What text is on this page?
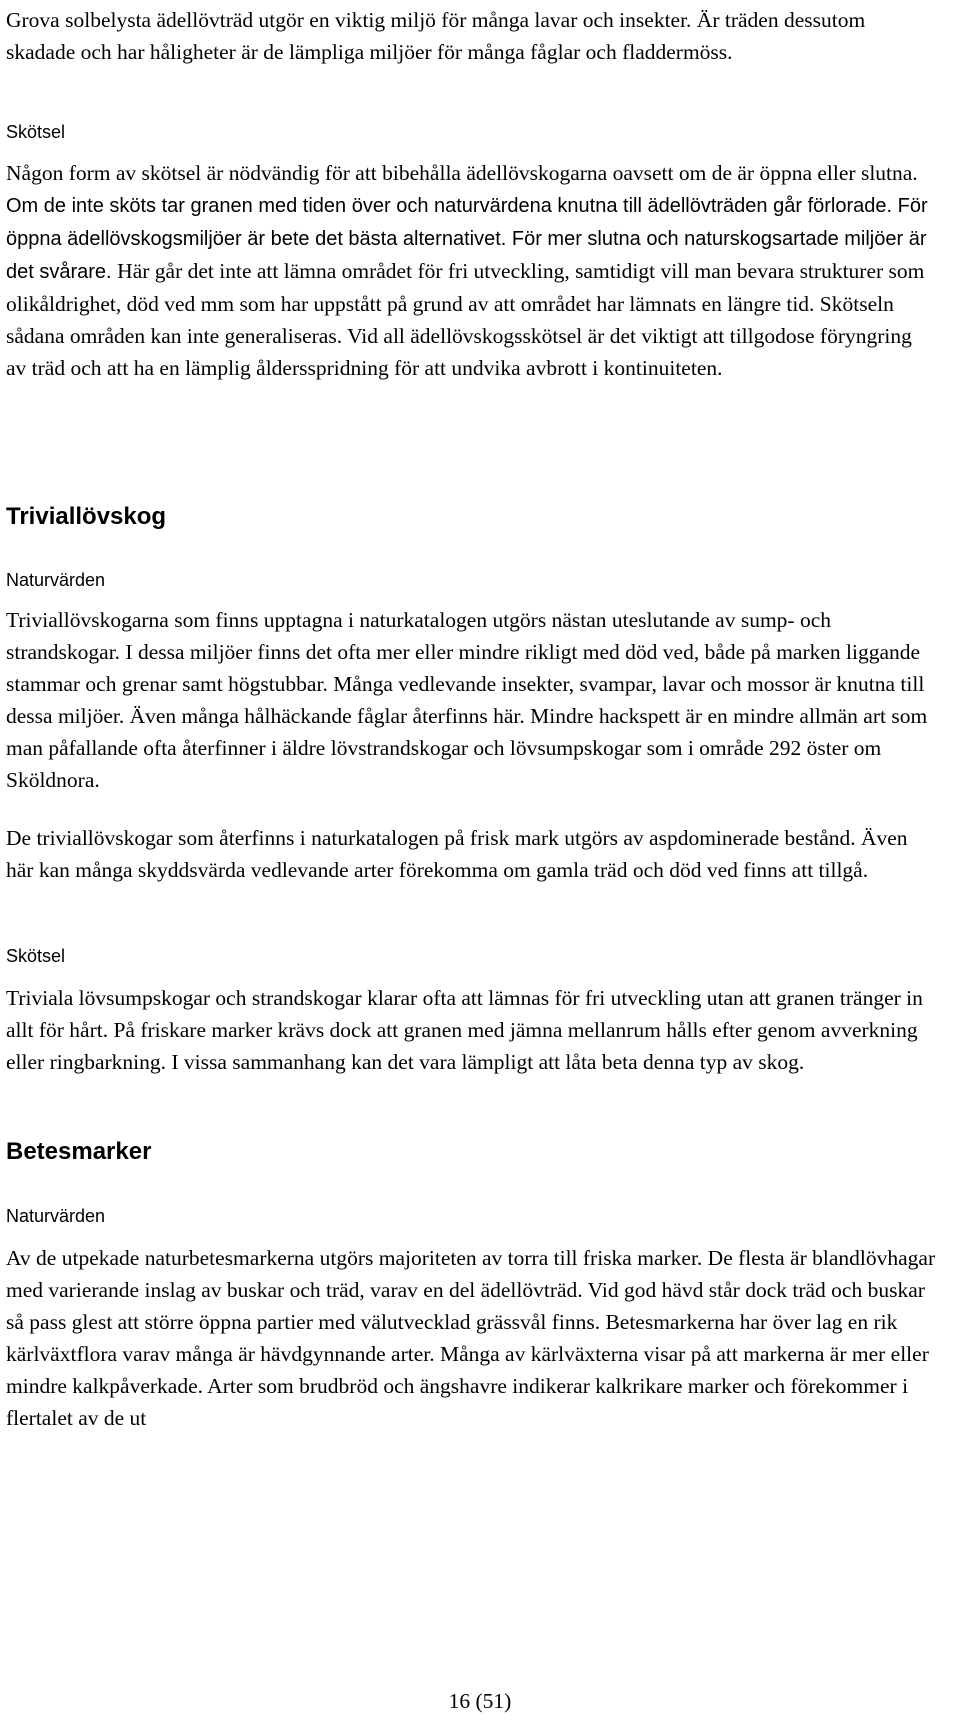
Grova solbelysta ädellövträd utgör en viktig miljö för många lavar och insekter. Är träden dessutom skadade och har håligheter är de lämpliga miljöer för många fåglar och fladdermöss.

Skötsel

Någon form av skötsel är nödvändig för att bibehålla ädellövskogarna oavsett om de är öppna eller slutna. Om de inte sköts tar granen med tiden över och naturvärdena knutna till ädellövträden går förlorade. För öppna ädellövskogsmiljöer är bete det bästa alternativet. För mer slutna och naturskogsartade miljöer är det svårare. Här går det inte att lämna området för fri utveckling, samtidigt vill man bevara strukturer som olikåldrighet, död ved mm som har uppstått på grund av att området har lämnats en längre tid. Skötseln sådana områden kan inte generaliseras. Vid all ädellövskogsskötsel är det viktigt att tillgodose föryngring av träd och att ha en lämplig åldersspridning för att undvika avbrott i kontinuiteten.

Triviallövskog
Naturvärden

Triviallövskogarna som finns upptagna i naturkatalogen utgörs nästan uteslutande av sump- och strandskogar. I dessa miljöer finns det ofta mer eller mindre rikligt med död ved, både på marken liggande stammar och grenar samt högstubbar. Många vedlevande insekter, svampar, lavar och mossor är knutna till dessa miljöer. Även många hålhäckande fåglar återfinns här. Mindre hackspett är en mindre allmän art som man påfallande ofta återfinner i äldre lövstrandskogar och lövsumpskogar som i område 292 öster om Sköldnora.

De triviallövskogar som återfinns i naturkatalogen på frisk mark utgörs av aspdominerade bestånd. Även här kan många skyddsvärda vedlevande arter förekomma om gamla träd och död ved finns att tillgå.

Skötsel

Triviala lövsumpskogar och strandskogar klarar ofta att lämnas för fri utveckling utan att granen tränger in allt för hårt. På friskare marker krävs dock att granen med jämna mellanrum hålls efter genom avverkning eller ringbarkning. I vissa sammanhang kan det vara lämpligt att låta beta denna typ av skog.

Betesmarker
Naturvärden

Av de utpekade naturbetesmarkerna utgörs majoriteten av torra till friska marker. De flesta är blandlövhagar med varierande inslag av buskar och träd, varav en del ädellövträd. Vid god hävd står dock träd och buskar så pass glest att större öppna partier med välutvecklad grässvål finns. Betesmarkerna har över lag en rik kärlväxtflora varav många är hävdgynnande arter. Många av kärlväxterna visar på att markerna är mer eller mindre kalkpåverkade. Arter som brudbröd och ängshavre indikerar kalkrikare marker och förekommer i flertalet av de ut

16 (51)
